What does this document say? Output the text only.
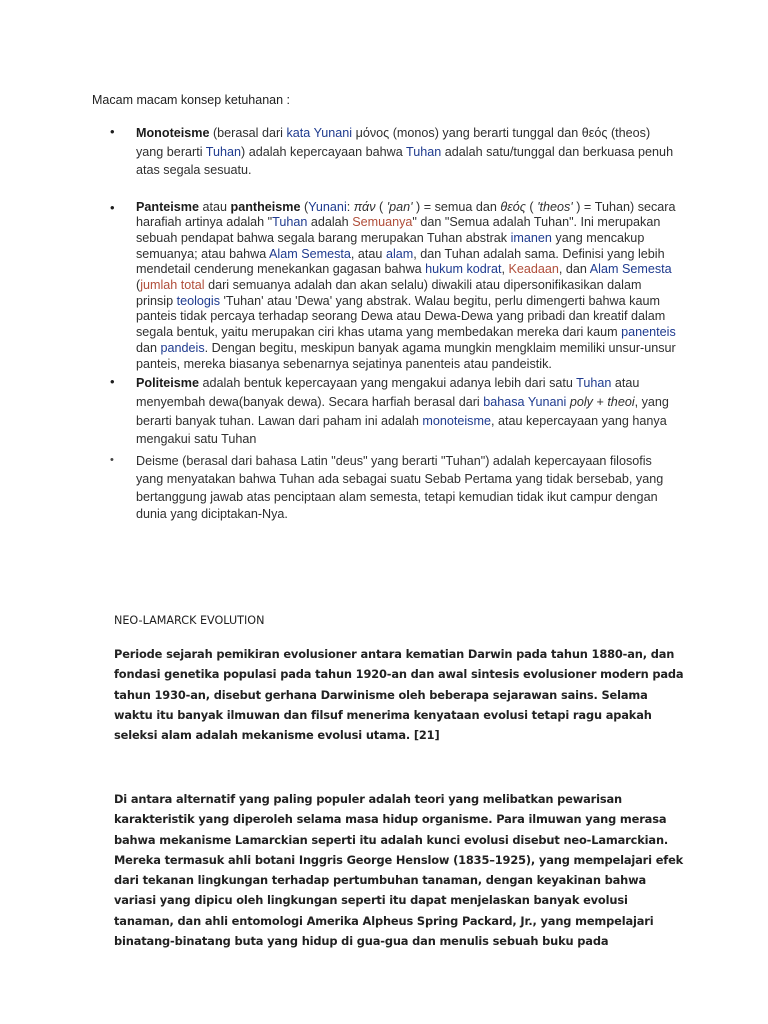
Macam macam konsep ketuhanan :
• Monoteisme (berasal dari kata Yunani μόνος (monos) yang berarti tunggal dan θεός (theos) yang berarti Tuhan) adalah kepercayaan bahwa Tuhan adalah satu/tunggal dan berkuasa penuh atas segala sesuatu.

• Panteisme atau pantheisme (Yunani: πάν ( 'pan' ) = semua dan θεός ( 'theos' ) = Tuhan) secara harafiah artinya adalah "Tuhan adalah Semuanya" dan "Semua adalah Tuhan". Ini merupakan sebuah pendapat bahwa segala barang merupakan Tuhan abstrak imanen yang mencakup semuanya; atau bahwa Alam Semesta, atau alam, dan Tuhan adalah sama. Definisi yang lebih mendetail cenderung menekankan gagasan bahwa hukum kodrat, Keadaan, dan Alam Semesta (jumlah total dari semuanya adalah dan akan selalu) diwakili atau dipersonifikasikan dalam prinsip teologis 'Tuhan' atau 'Dewa' yang abstrak. Walau begitu, perlu dimengerti bahwa kaum panteis tidak percaya terhadap seorang Dewa atau Dewa-Dewa yang pribadi dan kreatif dalam segala bentuk, yaitu merupakan ciri khas utama yang membedakan mereka dari kaum panenteis dan pandeis. Dengan begitu, meskipun banyak agama mungkin mengklaim memiliki unsur-unsur panteis, mereka biasanya sebenarnya sejatinya panenteis atau pandeistik.

• Politeisme adalah bentuk kepercayaan yang mengakui adanya lebih dari satu Tuhan atau menyembah dewa(banyak dewa). Secara harfiah berasal dari bahasa Yunani poly + theoi, yang berarti banyak tuhan. Lawan dari paham ini adalah monoteisme, atau kepercayaan yang hanya mengakui satu Tuhan

• Deisme (berasal dari bahasa Latin "deus" yang berarti "Tuhan") adalah kepercayaan filosofis yang menyatakan bahwa Tuhan ada sebagai suatu Sebab Pertama yang tidak bersebab, yang bertanggung jawab atas penciptaan alam semesta, tetapi kemudian tidak ikut campur dengan dunia yang diciptakan-Nya.

NEO-LAMARCK EVOLUTION

Periode sejarah pemikiran evolusioner antara kematian Darwin pada tahun 1880-an, dan fondasi genetika populasi pada tahun 1920-an dan awal sintesis evolusioner modern pada tahun 1930-an, disebut gerhana Darwinisme oleh beberapa sejarawan sains. Selama waktu itu banyak ilmuwan dan filsuf menerima kenyataan evolusi tetapi ragu apakah seleksi alam adalah mekanisme evolusi utama. [21]

Di antara alternatif yang paling populer adalah teori yang melibatkan pewarisan karakteristik yang diperoleh selama masa hidup organisme. Para ilmuwan yang merasa bahwa mekanisme Lamarckian seperti itu adalah kunci evolusi disebut neo-Lamarckian. Mereka termasuk ahli botani Inggris George Henslow (1835–1925), yang mempelajari efek dari tekanan lingkungan terhadap pertumbuhan tanaman, dengan keyakinan bahwa variasi yang dipicu oleh lingkungan seperti itu dapat menjelaskan banyak evolusi tanaman, dan ahli entomologi Amerika Alpheus Spring Packard, Jr., yang mempelajari binatang-binatang buta yang hidup di gua-gua dan menulis sebuah buku pada
